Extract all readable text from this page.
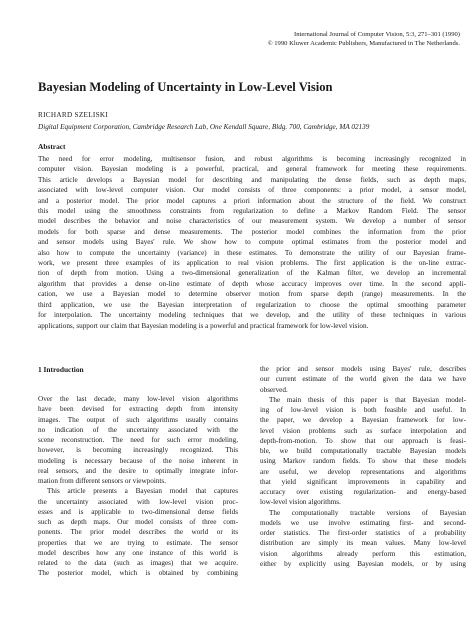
International Journal of Computer Vision, 5:3, 271–301 (1990)
© 1990 Kluwer Academic Publishers, Manufactured in The Netherlands.
Bayesian Modeling of Uncertainty in Low-Level Vision
RICHARD SZELISKI
Digital Equipment Corporation, Cambridge Research Lab, One Kendall Square, Bldg. 700, Cambridge, MA 02139
Abstract
The need for error modeling, multisensor fusion, and robust algorithms is becoming increasingly recognized in
computer vision. Bayesian modeling is a powerful, practical, and general framework for meeting these requirements.
This article develops a Bayesian model for describing and manipulating the dense fields, such as depth maps,
associated with low-level computer vision. Our model consists of three components: a prior model, a sensor model,
and a posterior model. The prior model captures a priori information about the structure of the field. We construct
this model using the smoothness constraints from regularization to define a Markov Random Field. The sensor
model describes the behavior and noise characteristics of our measurement system. We develop a number of sensor
models for both sparse and dense measurements. The posterior model combines the information from the prior
and sensor models using Bayes' rule. We show how to compute optimal estimates from the posterior model and
also how to compute the uncertainty (variance) in these estimates. To demonstrate the utility of our Bayesian frame-
work, we present three examples of its application to real vision problems. The first application is the on-line extrac-
tion of depth from motion. Using a two-dimensional generalization of the Kalman filter, we develop an incremental
algorithm that provides a dense on-line estimate of depth whose accuracy improves over time. In the second appli-
cation, we use a Bayesian model to determine observer motion from sparse depth (range) measurements. In the
third application, we use the Bayesian interpretation of regularization to choose the optimal smoothing parameter
for interpolation. The uncertainty modeling techniques that we develop, and the utility of these techniques in various
applications, support our claim that Bayesian modeling is a powerful and practical framework for low-level vision.
1 Introduction
Over the last decade, many low-level vision algorithms
have been devised for extracting depth from intensity
images. The output of such algorithms usually contains
no indication of the uncertainty associated with the
scene reconstruction. The need for such error modeling,
however, is becoming increasingly recognized. This
modeling is necessary because of the noise inherent in
real sensors, and the desire to optimally integrate infor-
mation from different sensors or viewpoints.
This article presents a Bayesian model that captures
the uncertainty associated with low-level vision proc-
esses and is applicable to two-dimensional dense fields
such as depth maps. Our model consists of three com-
ponents. The prior model describes the world or its
properties that we are trying to estimate. The sensor
model describes how any one instance of this world is
related to the data (such as images) that we acquire.
The posterior model, which is obtained by combining
the prior and sensor models using Bayes' rule, describes
our current estimate of the world given the data we have
observed.
The main thesis of this paper is that Bayesian model-
ing of low-level vision is both feasible and useful. In
the paper, we develop a Bayesian framework for low-
level vision problems such as surface interpolation and
depth-from-motion. To show that our approach is feasi-
ble, we build computationally tractable Bayesian models
using Markov random fields. To show that these models
are useful, we develop representations and algorithms
that yield significant improvements in capability and
accuracy over existing regularization- and energy-based
low-level vision algorithms.
The computationally tractable versions of Bayesian
models we use involve estimating first- and second-
order statistics. The first-order statistics of a probability
distribution are simply its mean values. Many low-level
vision algorithms already perform this estimation,
either by explicitly using Bayesian models, or by using
